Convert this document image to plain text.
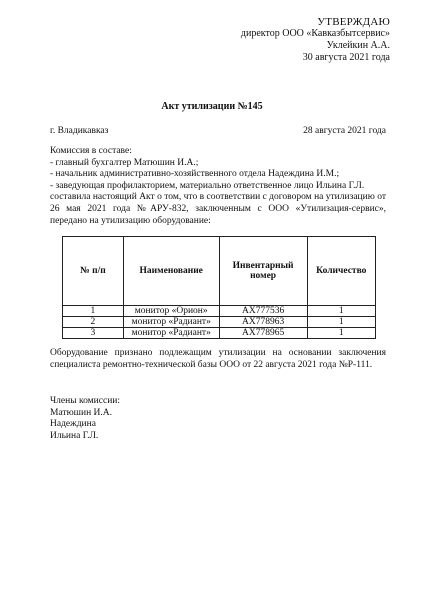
УТВЕРЖДАЮ
директор ООО «Кавказбытсервис»
Уклейкин А.А.
30 августа 2021 года
Акт утилизации №145
г. Владикавказ	28 августа 2021 года
Комиссия в составе:
- главный бухгалтер Матюшин И.А.;
- начальник административно-хозяйственного отдела Надеждина И.М.;
- заведующая профилакторием, материально ответственное лицо Ильина Г.Л.
составила настоящий Акт о том, что в соответствии с договором на утилизацию от 26 мая 2021 года №АРУ-832, заключенным с ООО «Утилизация-сервис», передано на утилизацию оборудование:
№ п/п	Наименование	Инвентарный номер	Количество
1	монитор «Орион»	АХ777536	1
2	монитор «Радиант»	АХ778963	1
3	монитор «Радиант»	АХ778965	1
Оборудование признано подлежащим утилизации на основании заключения специалиста ремонтно-технической базы ООО от 22 августа 2021 года №Р-111.
Члены комиссии:
Матюшин И.А.
Надеждина
Ильина Г.Л.
